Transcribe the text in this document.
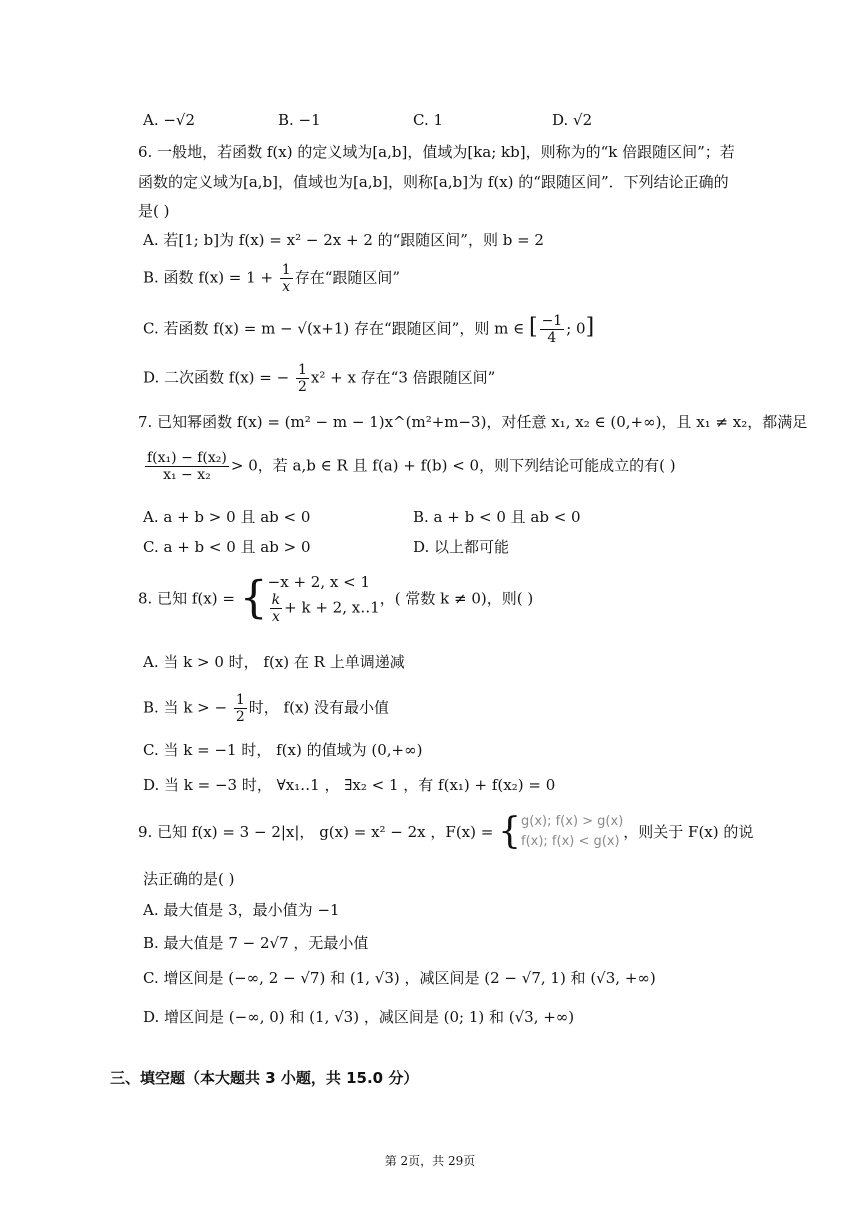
A. −√2	B. −1	C. 1	D. √2
6. 一般地，若函数 f(x) 的定义域为[a,b]，值域为[ka; kb]，则称为的“k 倍跟随区间”；若
函数的定义域为[a,b]，值域也为[a,b]，则称[a,b]为 f(x) 的“跟随区间”．下列结论正确的
是( )
A. 若[1; b]为 f(x) = x² − 2x + 2 的“跟随区间”，则 b = 2
B. 函数 $f(x) = 1 + \frac{1}{x}$ 存在“跟随区间”
C. 若函数 f(x) = m − √(x+1) 存在“跟随区间”，则 m ∈ [ $\frac{-1}{4}$ ; 0]
D. 二次函数 f(x) = − $\frac{1}{2} x^2 + x$ 存在“3 倍跟随区间”
7. 已知幂函数 f(x) = (m² − m − 1)x^(m²+m−3)，对任意 x₁, x₂ ∈ (0,+∞)，且 x₁ ≠ x₂，都满足
$\frac{\text{f(x₁) − f(x₂)}}{\text{x₁ − x₂}} > 0$，若 a,b ∈ R 且 f(a) + f(b) < 0，则下列结论可能成立的有( )
A. a + b > 0 且 ab < 0	B. a + b < 0 且 ab < 0
C. a + b < 0 且 ab > 0	D. 以上都可能
8. 已知 f(x) = { −x + 2, x < 1
$\frac{k}{x} + k + 2$, x‥1 ，( 常数 k ≠ 0)，则( )
A. 当 k > 0 时， f(x) 在 R 上单调递减
B. 当 k > − $\frac{1}{2}$ 时， f(x) 没有最小值
C. 当 k = −1 时， f(x) 的值域为 (0,+∞)
D. 当 k = −3 时， ∀x₁‥1 ， ∃x₂ < 1 ，有 f(x₁) + f(x₂) = 0
9. 已知 f(x) = 3 − 2|x|， g(x) = x² − 2x ，F(x) = { g(x); f(x) > g(x)
f(x); f(x) < g(x)
，则关于 F(x) 的说
法正确的是( )
A. 最大值是 3，最小值为 −1
B. 最大值是 7 − 2√7 ，无最小值
C. 增区间是 (−∞, 2 − √7) 和 (1, √3) ，减区间是 (2 − √7, 1) 和 (√3, +∞)
D. 增区间是 (−∞, 0) 和 (1, √3) ，减区间是 (0; 1) 和 (√3, +∞)
三、填空题（本大题共 3 小题，共 15.0 分）
第 2页，共 29页
